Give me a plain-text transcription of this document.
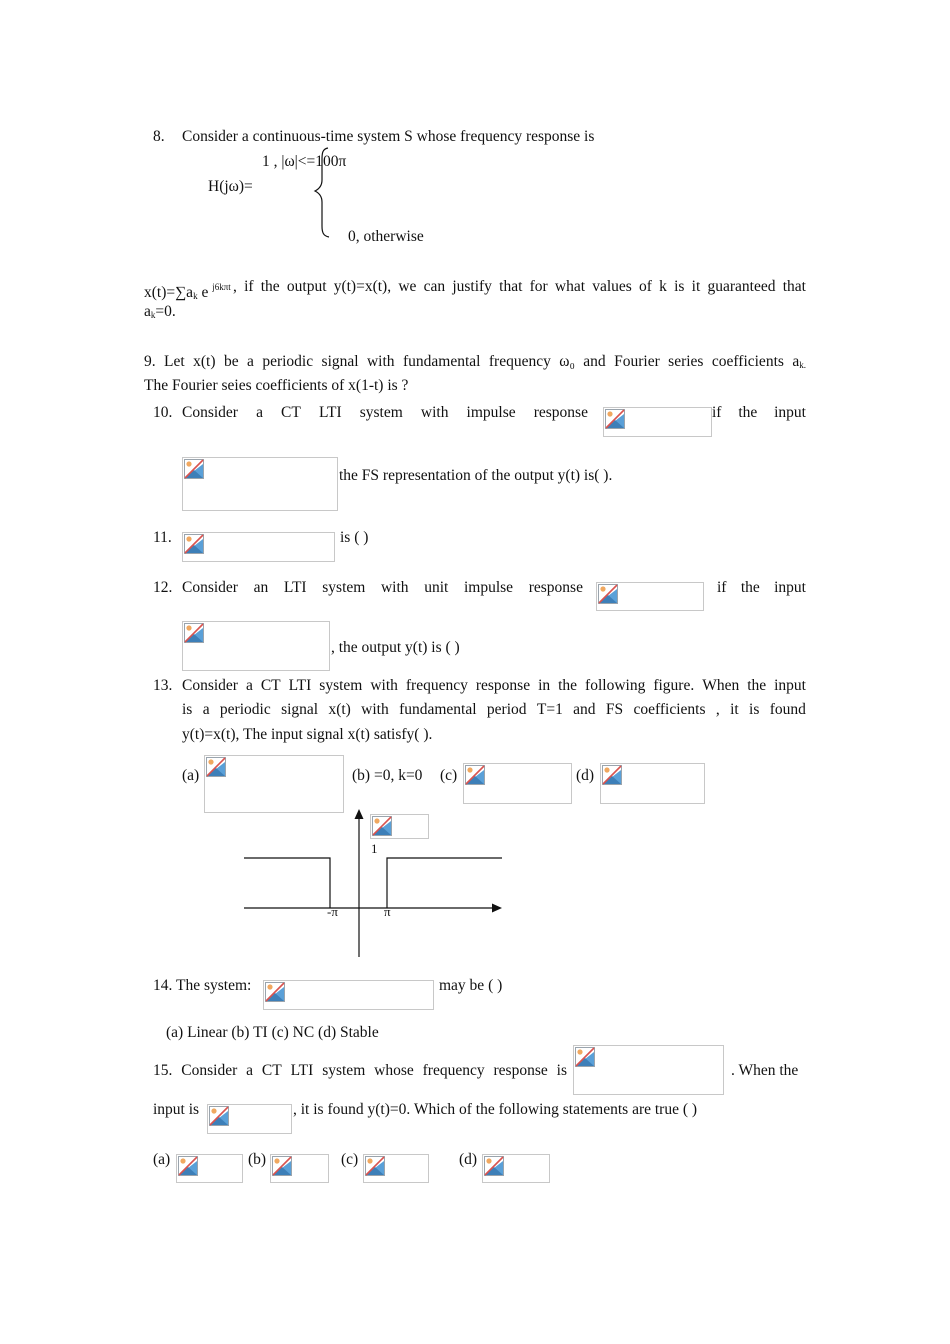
8. Consider a continuous-time system S whose frequency response is
1 , |ω|<=100π
H(jω)=
0, otherwise
$x(t)=\sum a_k$ e $^{j6k\pi t}$ , if the output y(t)=x(t), we can justify that for what values of k is it guaranteed that
$a_k=0$.
9. Let x(t) be a periodic signal with fundamental frequency ω₀ and Fourier series coefficients $a_{k.}$
The Fourier seies coefficients of x(1-t) is ?
10. Consider a CT LTI system with impulse response	if the input
the FS representation of the output y(t) is( ).
11.	is ( )
12. Consider an LTI system with unit impulse response	if the input
, the output y(t) is ( )
13. Consider a CT LTI system with frequency response in the following figure. When the input
is a periodic signal x(t) with fundamental period T=1 and FS coefficients , it is found
y(t)=x(t), The input signal x(t) satisfy( ).
(a)	(b) =0, k=0 (c)	(d)
1
-π	π
14. The system:	may be ( )
(a) Linear (b) TI (c) NC (d) Stable
15. Consider a CT LTI system whose frequency response is	. When the
input is	, it is found y(t)=0. Which of the following statements are true ( )
(a)	(b)	(c)	(d)
